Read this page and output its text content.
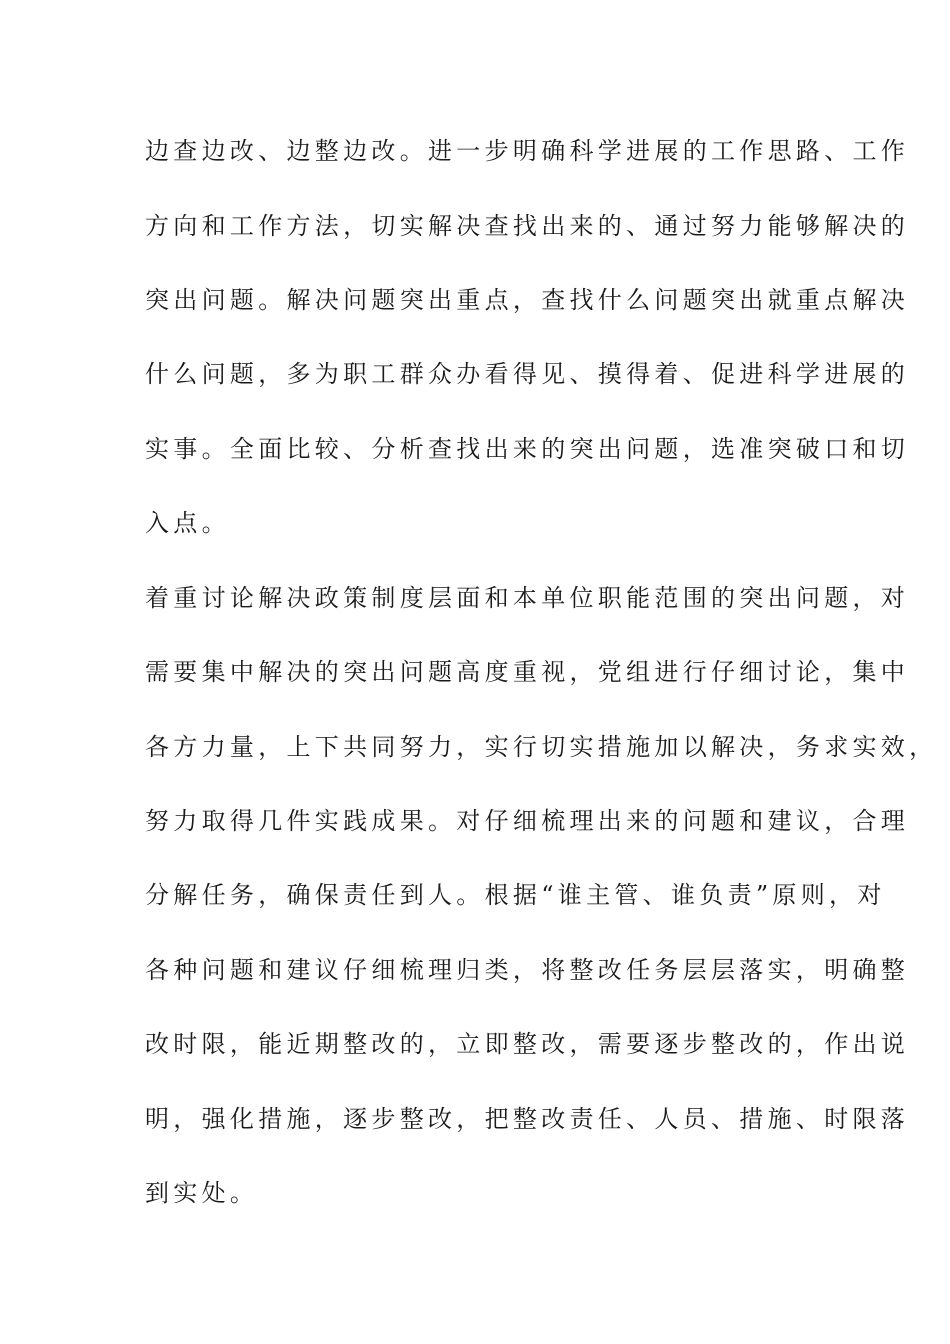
边查边改、边整边改。进一步明确科学进展的工作思路、工作
方向和工作方法，切实解决查找出来的、通过努力能够解决的
突出问题。解决问题突出重点，查找什么问题突出就重点解决
什么问题，多为职工群众办看得见、摸得着、促进科学进展的
实事。全面比较、分析查找出来的突出问题，选准突破口和切
入点。
着重讨论解决政策制度层面和本单位职能范围的突出问题，对
需要集中解决的突出问题高度重视，党组进行仔细讨论，集中
各方力量，上下共同努力，实行切实措施加以解决，务求实效，
努力取得几件实践成果。对仔细梳理出来的问题和建议，合理
分解任务，确保责任到人。根据“谁主管、谁负责”原则，对
各种问题和建议仔细梳理归类，将整改任务层层落实，明确整
改时限，能近期整改的，立即整改，需要逐步整改的，作出说
明，强化措施，逐步整改，把整改责任、人员、措施、时限落
到实处。
